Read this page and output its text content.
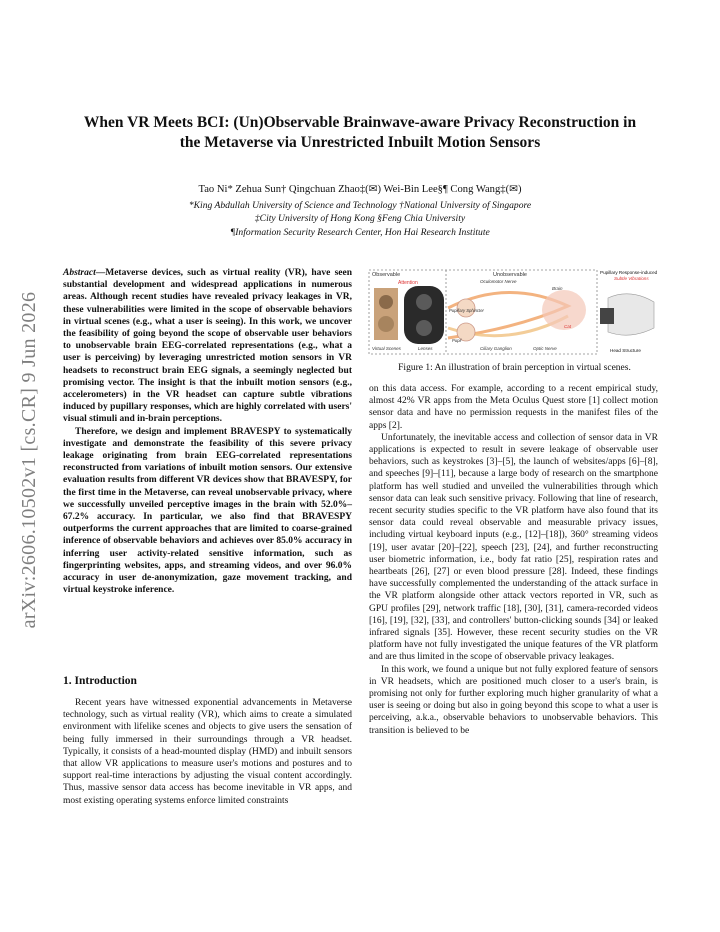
When VR Meets BCI: (Un)Observable Brainwave-aware Privacy Reconstruction in
the Metaverse via Unrestricted Inbuilt Motion Sensors
Tao Ni* Zehua Sun† Qingchuan Zhao‡(✉) Wei-Bin Lee§¶ Cong Wang‡(✉)
*King Abdullah University of Science and Technology †National University of Singapore
‡City University of Hong Kong §Feng Chia University
¶Information Security Research Center, Hon Hai Research Institute
arXiv:2606.10502v1 [cs.CR] 9 Jun 2026

Abstract—Metaverse devices, such as virtual reality (VR), have seen substantial development and widespread applications in numerous areas. Although recent studies have revealed privacy leakages in VR, these vulnerabilities were limited in the scope of observable behaviors in virtual scenes (e.g., what a user is seeing). In this work, we uncover the feasibility of going beyond the scope of observable user behaviors to unobservable brain EEG-correlated representations (e.g., what a user is perceiving) by leveraging unrestricted motion sensors in VR headsets to reconstruct brain EEG signals, a seemingly neglected but promising vector. The insight is that the inbuilt motion sensors (e.g., accelerometers) in the VR headset can capture subtle vibrations induced by pupillary responses, which are highly correlated with users' visual stimuli and in-brain perceptions.

Therefore, we design and implement BRAVESPY to systematically investigate and demonstrate the feasibility of this severe privacy leakage originating from brain EEG-correlated representations reconstructed from variations of inbuilt motion sensors. Our extensive evaluation results from different VR devices show that BRAVESPY, for the first time in the Metaverse, can reveal unobservable privacy, where we successfully unveiled perceptive images in the brain with 52.0%–67.2% accuracy. In particular, we also find that BRAVESPY outperforms the current approaches that are limited to coarse-grained inference of observable behaviors and achieves over 85.0% accuracy in inferring user activity-related sensitive information, such as fingerprinting websites, apps, and streaming videos, and over 96.0% accuracy in user de-anonymization, gaze movement tracking, and virtual keystroke inference.

1. Introduction
Recent years have witnessed exponential advancements in Metaverse technology, such as virtual reality (VR), which aims to create a simulated environment with lifelike scenes and objects to give users the sensation of being fully immersed in their surroundings through a VR headset. Typically, it consists of a head-mounted display (HMD) and inbuilt sensors that allow VR applications to measure user's motions and postures and to support real-time interactions by adjusting the visual content accordingly. Thus, massive sensor data access has become inevitable in VR apps, and most existing operating systems enforce limited constraints
Observable	Unobservable
Attention
Virtual Scenes	Lenses
Oculomotor Nerve
Pupillary Sphincter
Pupil
Brain
Cat
Ciliary Ganglion	Optic Nerve
Pupillary Response-induced
Subtle Vibrations
Head Structure
Figure 1: An illustration of brain perception in virtual scenes.

on this data access. For example, according to a recent empirical study, almost 42% VR apps from the Meta Oculus Quest store [1] collect motion sensor data and have no permission requests in the manifest files of the apps [2].

Unfortunately, the inevitable access and collection of sensor data in VR applications is expected to result in severe leakage of observable user behaviors, such as keystrokes [3]–[5], the launch of websites/apps [6]–[8], and speeches [9]–[11], because a large body of research on the smartphone platform has well studied and unveiled the vulnerabilities through which sensor data can leak such sensitive privacy. Following that line of research, recent security studies specific to the VR platform have also found that its sensor data could reveal observable and measurable privacy issues, including virtual keyboard inputs (e.g., [12]–[18]), 360° streaming videos [19], user avatar [20]–[22], speech [23], [24], and further reconstructing user biometric information, i.e., body fat ratio [25], respiration rates and heartbeats [26], [27] or even blood pressure [28]. Indeed, these findings have successfully complemented the understanding of the attack surface in the VR platform alongside other attack vectors reported in VR, such as GPU profiles [29], network traffic [18], [30], [31], camera-recorded videos [16], [19], [32], [33], and controllers' button-clicking sounds [34] or leaked infrared signals [35]. However, these recent security studies on the VR platform have not fully investigated the unique features of the VR platform and are thus limited in the scope of observable privacy leakages.

In this work, we found a unique but not fully explored feature of sensors in VR headsets, which are positioned much closer to a user's brain, is promising not only for further exploring much higher granularity of what a user is seeing or doing but also in going beyond this scope to what a user is perceiving, a.k.a., observable behaviors to unobservable behaviors. This transition is believed to be
